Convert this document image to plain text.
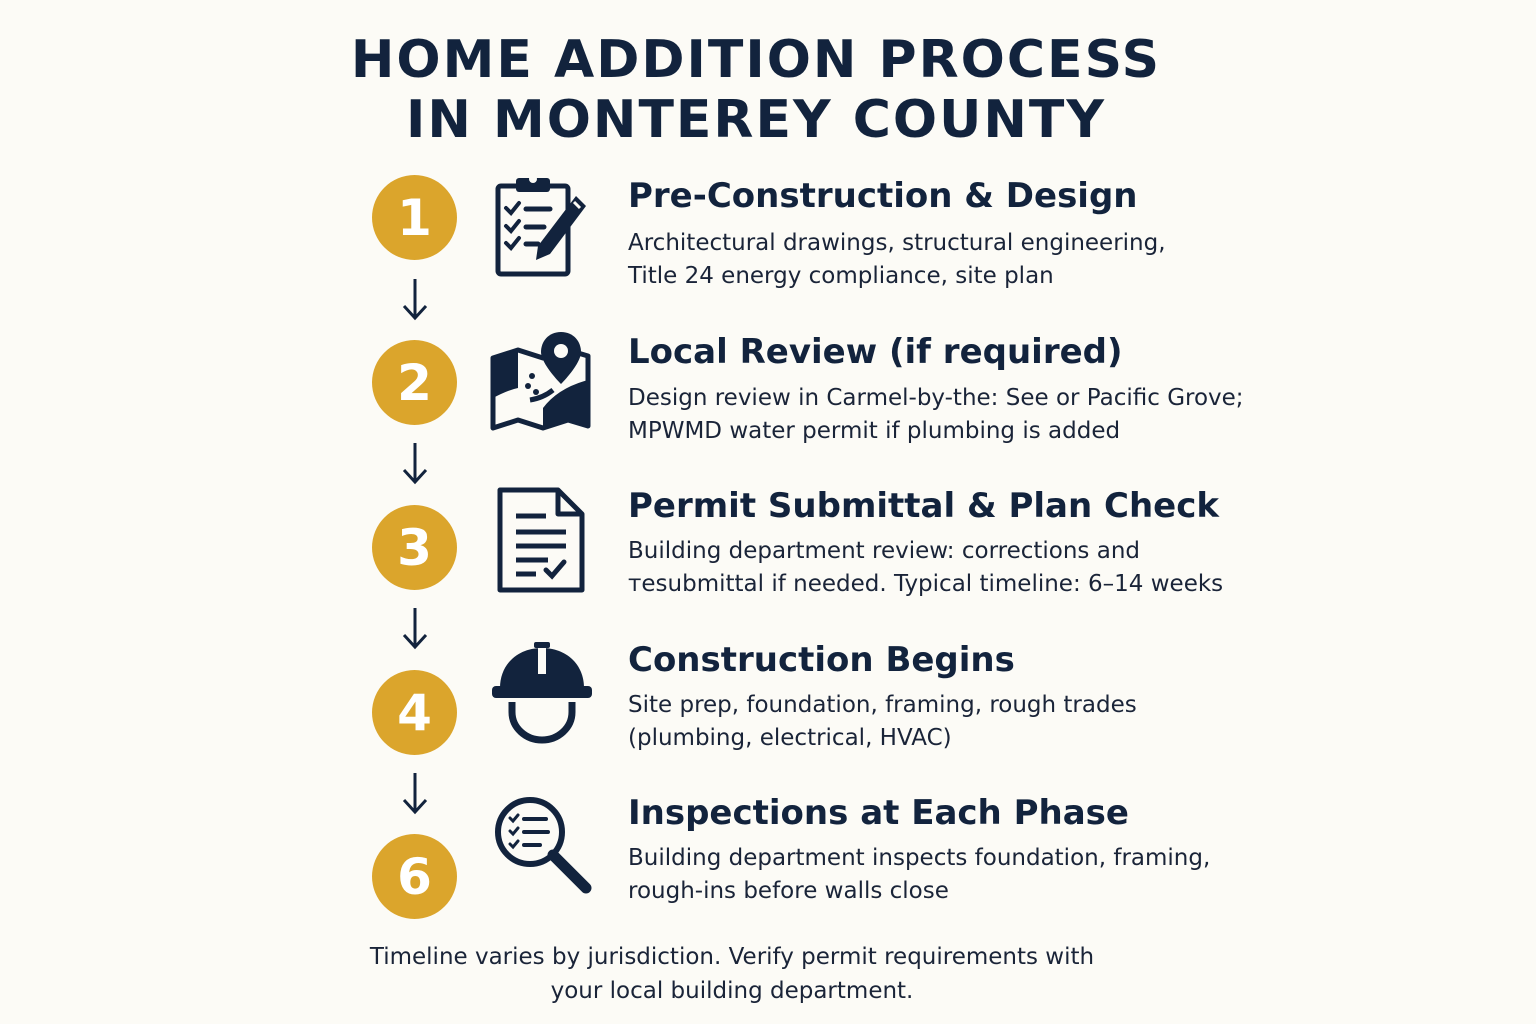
HOME ADDITION PROCESS
IN MONTEREY COUNTY
1	Pre-Construction & Design
Architectural drawings, structural engineering,
Title 24 energy compliance, site plan
2
Local Review (if required)
Design review in Carmel-by-the: See or Pacific Grove;
MPWMD water permit if plumbing is added
3
Permit Submittal & Plan Check
Building department review: corrections and
тesubmittal if needed. Typical timeline: 6–14 weeks
4
Construction Begins
Site prep, foundation, framing, rough trades
(plumbing, electrical, HVAC)
6
Inspections at Each Phase
Building department inspects foundation, framing,
rough-ins before walls close
Timeline varies by jurisdiction. Verify permit requirements with
your local building department.
